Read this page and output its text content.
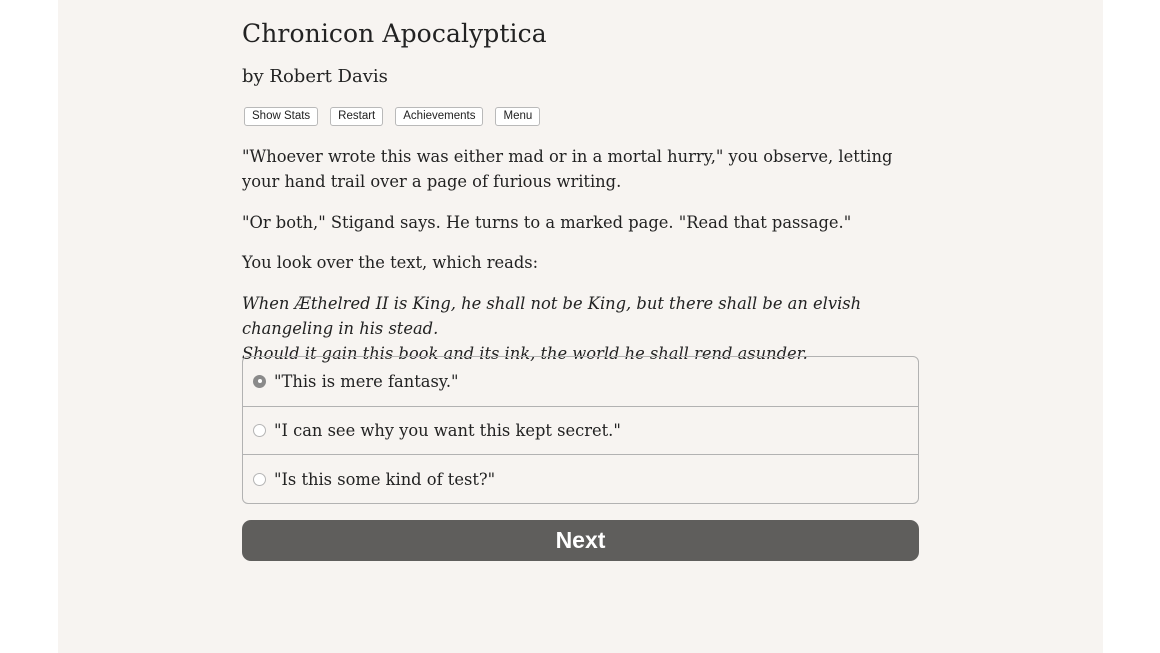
Chronicon Apocalyptica
by Robert Davis
Show Stats	Restart	Achievements	Menu

"Whoever wrote this was either mad or in a mortal hurry," you observe, letting your hand trail over a page of furious writing.

"Or both," Stigand says. He turns to a marked page. "Read that passage."

You look over the text, which reads:

When Æthelred II is King, he shall not be King, but there shall be an elvish changeling in his stead.
Should it gain this book and its ink, the world he shall rend asunder.

"This is mere fantasy."
"I can see why you want this kept secret."
"Is this some kind of test?"
Next
